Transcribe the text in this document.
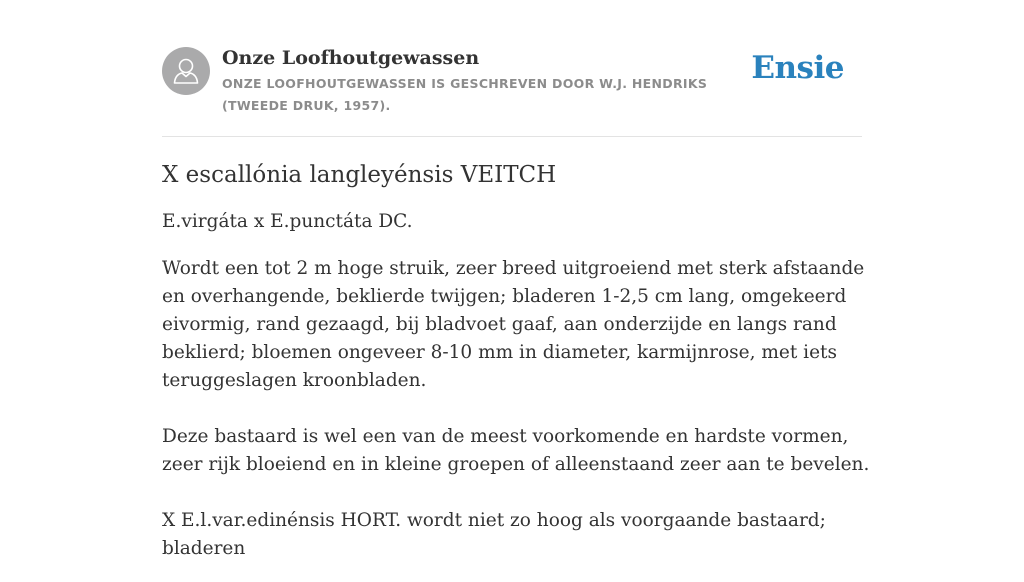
Onze Loofhoutgewassen
ONZE LOOFHOUTGEWASSEN IS GESCHREVEN DOOR W.J. HENDRIKS (TWEEDE DRUK, 1957).
Ensie
X escallónia langleyénsis VEITCH

E.virgáta x E.punctáta DC.

Wordt een tot 2 m hoge struik, zeer breed uitgroeiend met sterk afstaande en overhangende, beklierde twijgen; bladeren 1-2,5 cm lang, omgekeerd eivormig, rand gezaagd, bij bladvoet gaaf, aan onderzijde en langs rand beklierd; bloemen ongeveer 8-10 mm in diameter, karmijnrose, met iets teruggeslagen kroonbladen.

Deze bastaard is wel een van de meest voorkomende en hardste vormen, zeer rijk bloeiend en in kleine groepen of alleenstaand zeer aan te bevelen.

X E.l.var.edinénsis HORT. wordt niet zo hoog als voorgaande bastaard; bladeren
